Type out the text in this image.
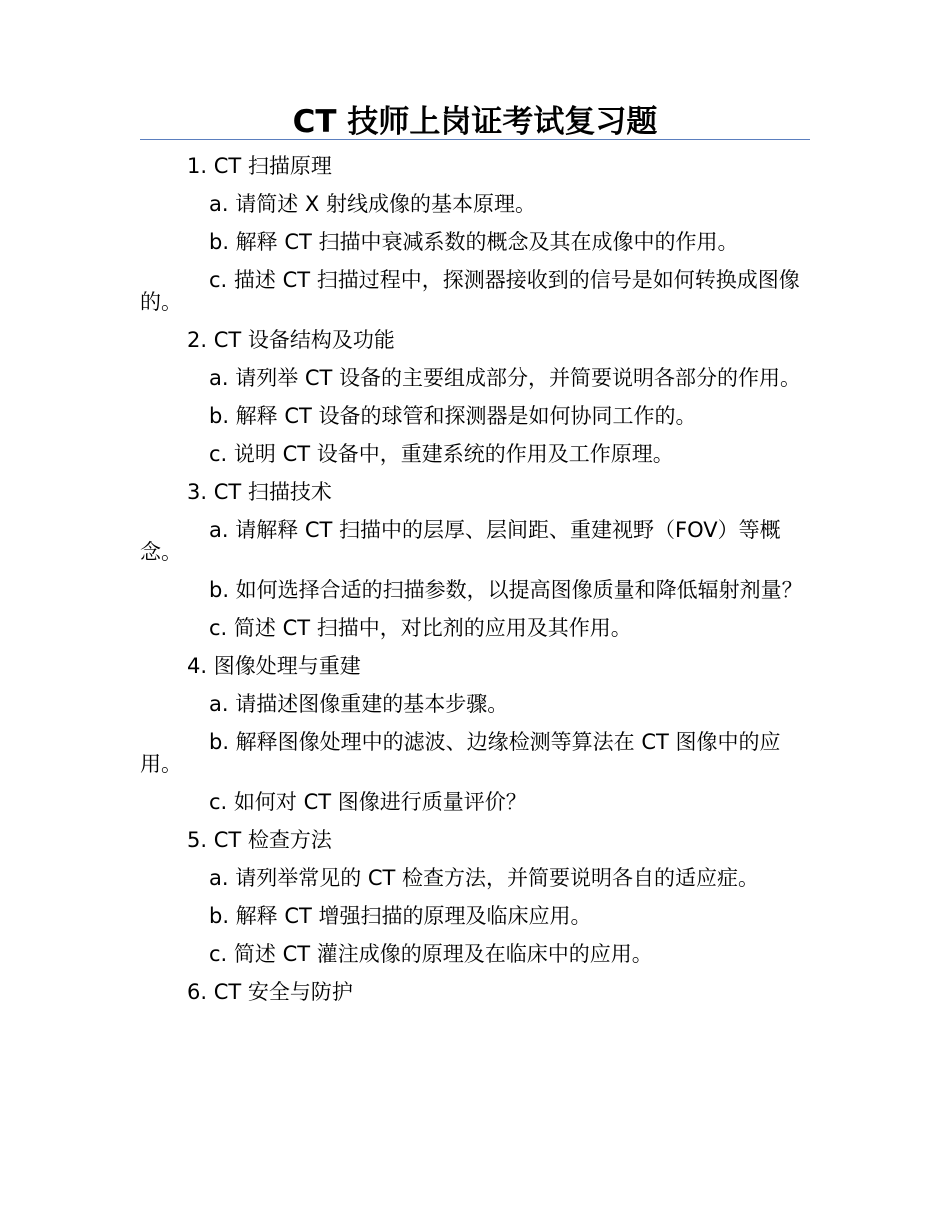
CT 技师上岗证考试复习题
1. CT 扫描原理
a. 请简述 X 射线成像的基本原理。
b. 解释 CT 扫描中衰减系数的概念及其在成像中的作用。
c. 描述 CT 扫描过程中，探测器接收到的信号是如何转换成图像的。
2. CT 设备结构及功能
a. 请列举 CT 设备的主要组成部分，并简要说明各部分的作用。
b. 解释 CT 设备的球管和探测器是如何协同工作的。
c. 说明 CT 设备中，重建系统的作用及工作原理。
3. CT 扫描技术
a. 请解释 CT 扫描中的层厚、层间距、重建视野（FOV）等概念。
b. 如何选择合适的扫描参数，以提高图像质量和降低辐射剂量？
c. 简述 CT 扫描中，对比剂的应用及其作用。
4. 图像处理与重建
a. 请描述图像重建的基本步骤。
b. 解释图像处理中的滤波、边缘检测等算法在 CT 图像中的应用。
c. 如何对 CT 图像进行质量评价？
5. CT 检查方法
a. 请列举常见的 CT 检查方法，并简要说明各自的适应症。
b. 解释 CT 增强扫描的原理及临床应用。
c. 简述 CT 灌注成像的原理及在临床中的应用。
6. CT 安全与防护
